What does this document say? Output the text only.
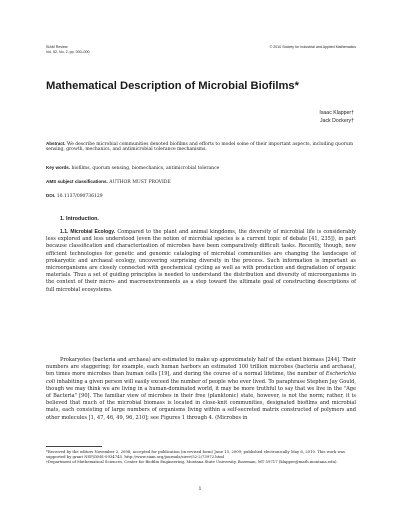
SIAM Review
Vol. 52, No. 2, pp. 000–000
© 2010 Society for Industrial and Applied Mathematics
Mathematical Description of Microbial Biofilms*
Isaac Klapper†
Jack Dockery†

Abstract. We describe microbial communities denoted biofilms and efforts to model some of their important aspects, including quorum sensing, growth, mechanics, and antimicrobial tolerance mechanisms.

Key words. biofilms, quorum sensing, biomechanics, antimicrobial tolerance
AMS subject classifications. AUTHOR MUST PROVIDE
DOI. 10.1137/090736129
1. Introduction.

1.1. Microbial Ecology. Compared to the plant and animal kingdoms, the diversity of microbial life is considerably less explored and less understood (even the notion of microbial species is a current topic of debate [41, 235]), in part because classification and characterization of microbes have been comparatively difficult tasks. Recently, though, new efficient technologies for genetic and genomic cataloging of microbial communities are changing the landscape of prokaryotic and archaeal ecology, uncovering surprising diversity in the process. Such information is important as microorganisms are closely connected with geochemical cycling as well as with production and degradation of organic materials. Thus a set of guiding principles is needed to understand the distribution and diversity of microorganisms in the context of their micro- and macroenvironments as a step toward the ultimate goal of constructing descriptions of full microbial ecosystems.

Prokaryotes (bacteria and archaea) are estimated to make up approximately half of the extant biomass [244]. Their numbers are staggering; for example, each human harbors an estimated 100 trillion microbes (bacteria and archaea), ten times more microbes than human cells [19], and during the course of a normal lifetime, the number of Escherichia coli inhabiting a given person will easily exceed the number of people who ever lived. To paraphrase Stephen Jay Gould, though we may think we are living in a human-dominated world, it may be more truthful to say that we live in the "Age of Bacteria" [90]. The familiar view of microbes in their free (planktonic) state, however, is not the norm; rather, it is believed that much of the microbial biomass is located in close-knit communities, designated biofilms and microbial mats, each consisting of large numbers of organisms living within a self-secreted matrix constructed of polymers and other molecules [1, 47, 46, 49, 96, 210]; see Figures 1 through 4. (Microbes in

*Received by the editors November 2, 2008; accepted for publication (in revised form) June 15, 2009; published electronically May 6, 2010. This work was supported by grant NSF/DMS-0934745. http://www.siam.org/journals/sirev/52-2/73972.html

†Department of Mathematical Sciences, Center for Biofilm Engineering, Montana State University, Bozeman, MT 59717 (klapper@math.montana.edu).

1
